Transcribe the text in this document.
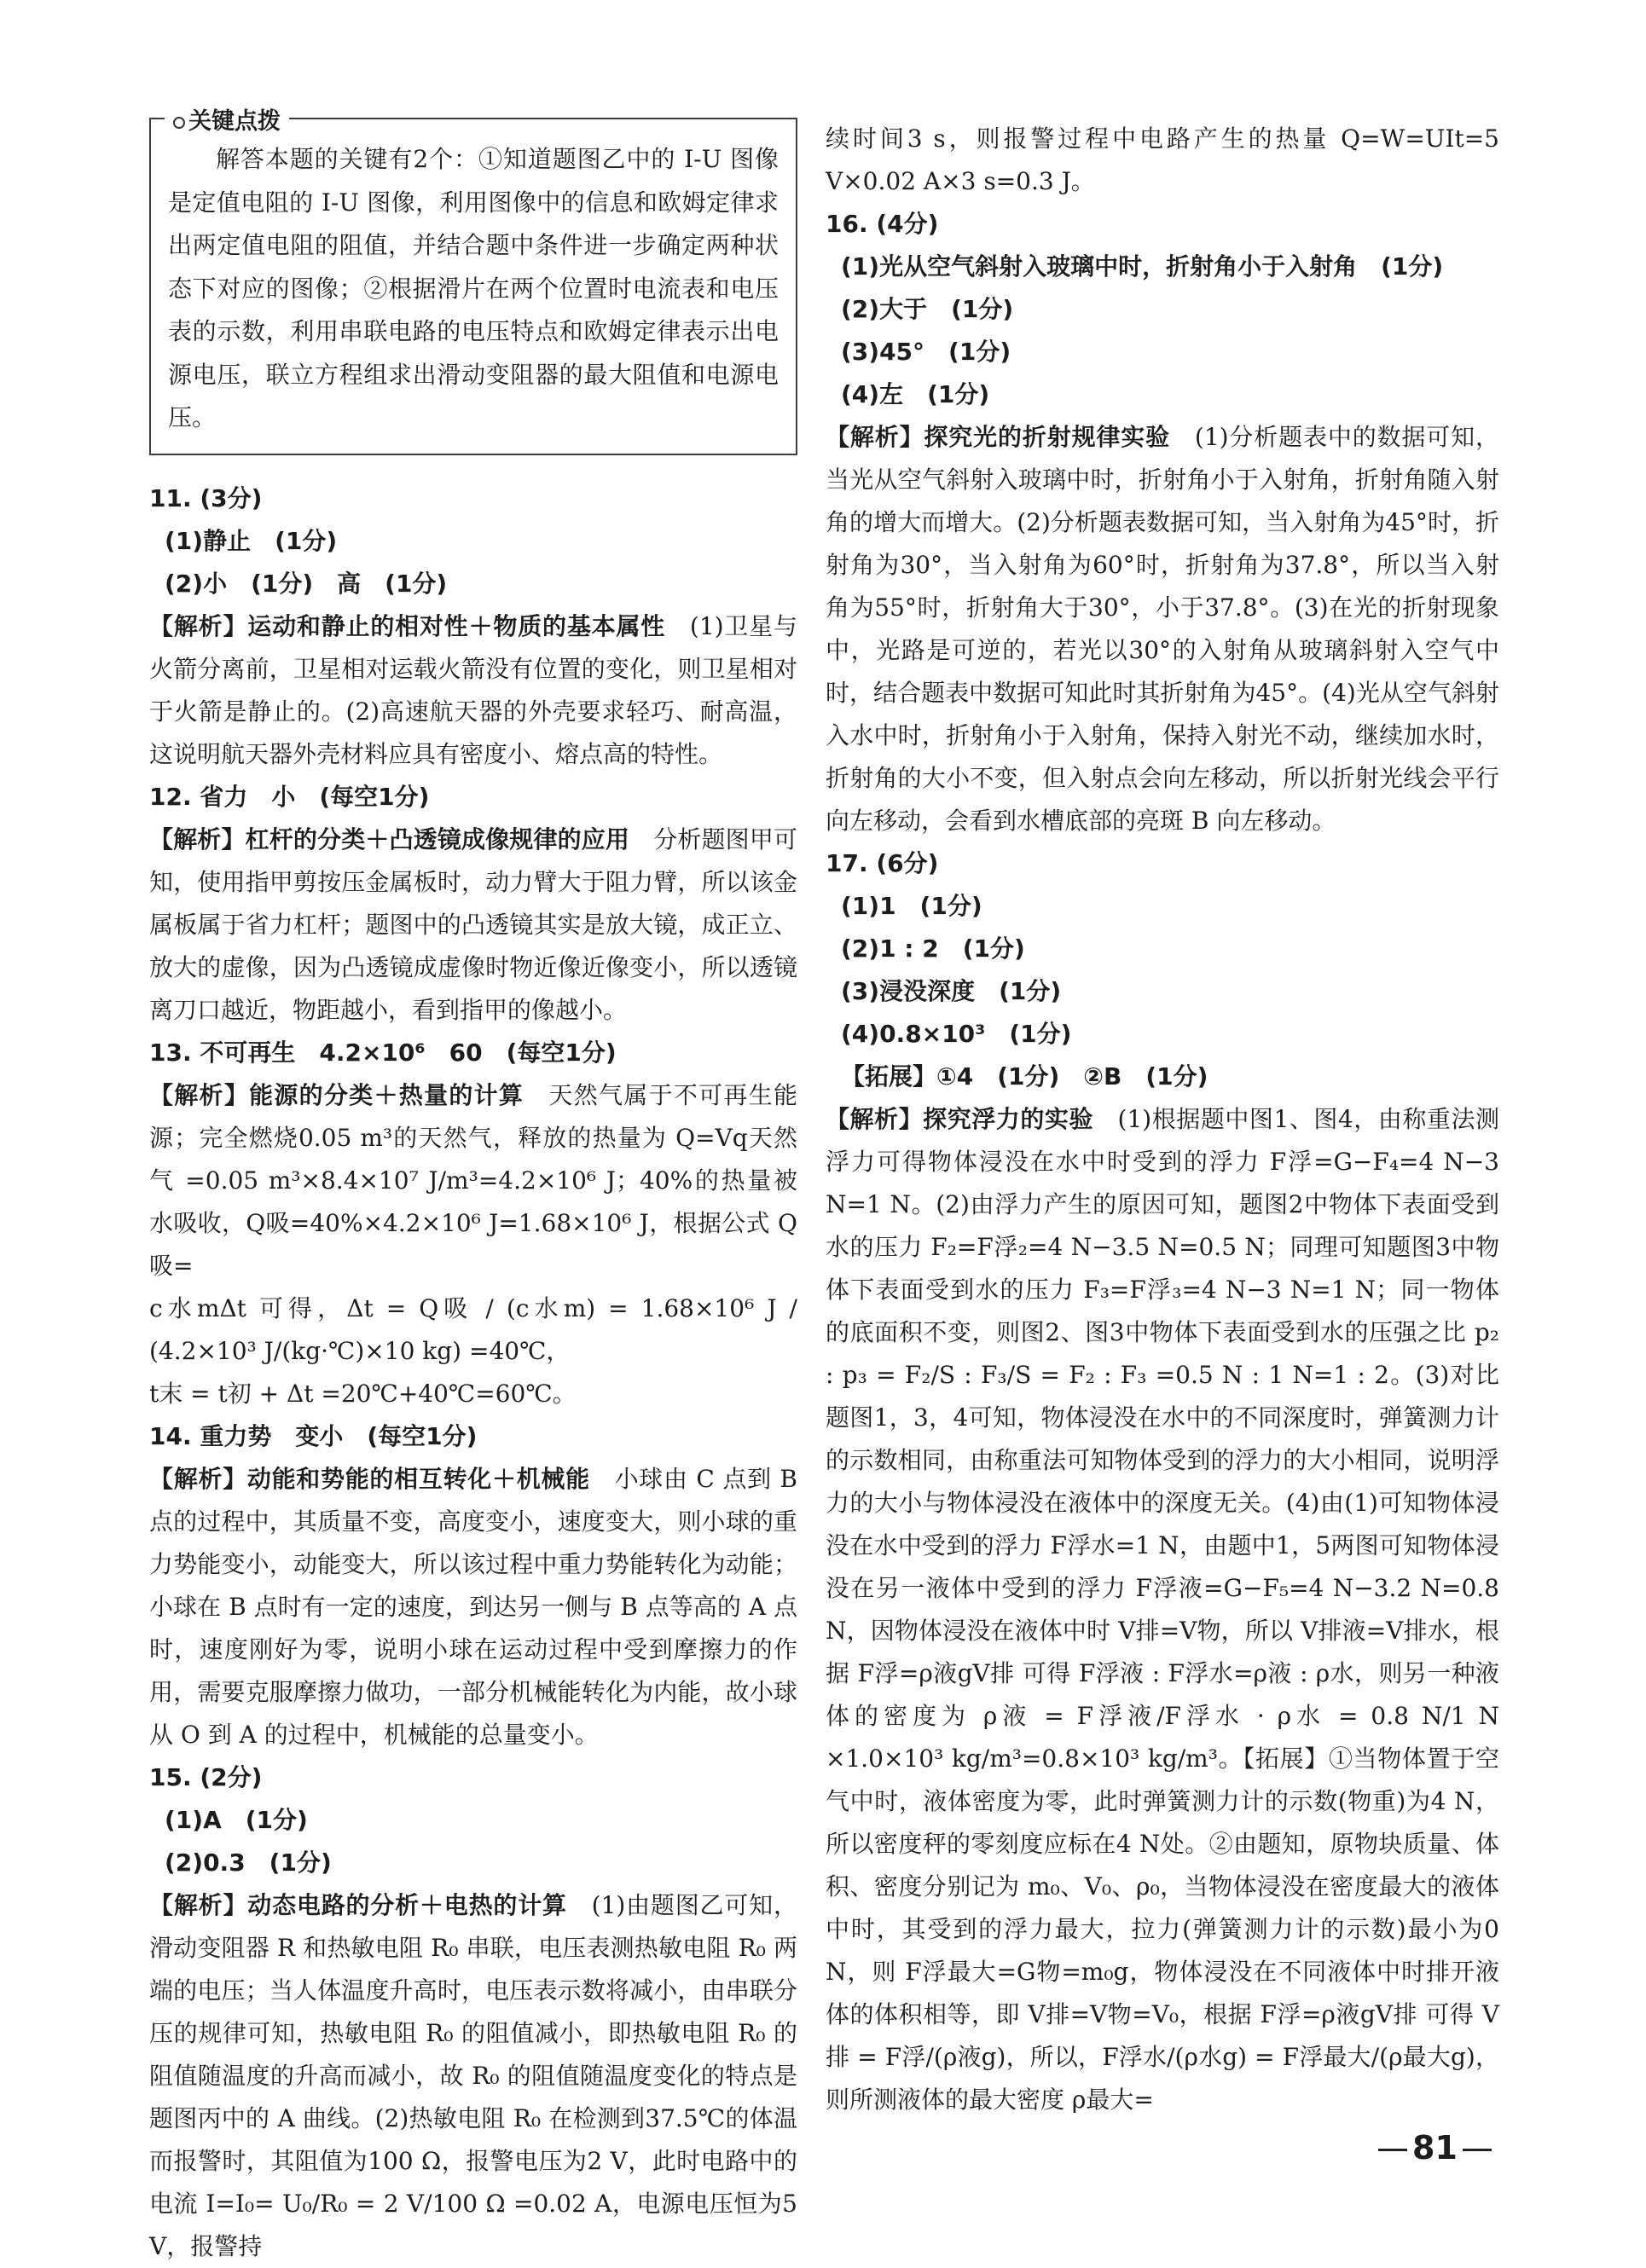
关键点拨

解答本题的关键有2个：①知道题图乙中的 I-U 图像是定值电阻的 I-U 图像，利用图像中的信息和欧姆定律求出两定值电阻的阻值，并结合题中条件进一步确定两种状态下对应的图像；②根据滑片在两个位置时电流表和电压表的示数，利用串联电路的电压特点和欧姆定律表示出电源电压，联立方程组求出滑动变阻器的最大阻值和电源电压。

11. (3分)

(1)静止　(1分)

(2)小　(1分)　高　(1分)

【解析】运动和静止的相对性＋物质的基本属性　(1)卫星与火箭分离前，卫星相对运载火箭没有位置的变化，则卫星相对于火箭是静止的。(2)高速航天器的外壳要求轻巧、耐高温，这说明航天器外壳材料应具有密度小、熔点高的特性。

12. 省力　小　(每空1分)

【解析】杠杆的分类＋凸透镜成像规律的应用　分析题图甲可知，使用指甲剪按压金属板时，动力臂大于阻力臂，所以该金属板属于省力杠杆；题图中的凸透镜其实是放大镜，成正立、放大的虚像，因为凸透镜成虚像时物近像近像变小，所以透镜离刀口越近，物距越小，看到指甲的像越小。

13. 不可再生　4.2×10⁶　60　(每空1分)

【解析】能源的分类＋热量的计算　天然气属于不可再生能源；完全燃烧0.05 m³的天然气，释放的热量为 Q=Vq天然气 =0.05 m³×8.4×10⁷ J/m³=4.2×10⁶ J；40%的热量被水吸收，Q吸=40%×4.2×10⁶ J=1.68×10⁶ J，根据公式 Q吸=

c水mΔt 可得，Δt = Q吸 / (c水m) = 1.68×10⁶ J / (4.2×10³ J/(kg·℃)×10 kg) =40℃，

t末 = t初 + Δt =20℃+40℃=60℃。

14. 重力势　变小　(每空1分)

【解析】动能和势能的相互转化＋机械能　小球由 C 点到 B 点的过程中，其质量不变，高度变小，速度变大，则小球的重力势能变小，动能变大，所以该过程中重力势能转化为动能；小球在 B 点时有一定的速度，到达另一侧与 B 点等高的 A 点时，速度刚好为零，说明小球在运动过程中受到摩擦力的作用，需要克服摩擦力做功，一部分机械能转化为内能，故小球从 O 到 A 的过程中，机械能的总量变小。

15. (2分)

(1)A　(1分)

(2)0.3　(1分)

【解析】动态电路的分析＋电热的计算　(1)由题图乙可知，滑动变阻器 R 和热敏电阻 R₀ 串联，电压表测热敏电阻 R₀ 两端的电压；当人体温度升高时，电压表示数将减小，由串联分压的规律可知，热敏电阻 R₀ 的阻值减小，即热敏电阻 R₀ 的阻值随温度的升高而减小，故 R₀ 的阻值随温度变化的特点是题图丙中的 A 曲线。(2)热敏电阻 R₀ 在检测到37.5℃的体温而报警时，其阻值为100 Ω，报警电压为2 V，此时电路中的电流 I=I₀= U₀/R₀ = 2 V/100 Ω =0.02 A，电源电压恒为5 V，报警持

续时间3 s，则报警过程中电路产生的热量 Q=W=UIt=5 V×0.02 A×3 s=0.3 J。

16. (4分)

(1)光从空气斜射入玻璃中时，折射角小于入射角　(1分)

(2)大于　(1分)

(3)45°　(1分)

(4)左　(1分)

【解析】探究光的折射规律实验　(1)分析题表中的数据可知，当光从空气斜射入玻璃中时，折射角小于入射角，折射角随入射角的增大而增大。(2)分析题表数据可知，当入射角为45°时，折射角为30°，当入射角为60°时，折射角为37.8°，所以当入射角为55°时，折射角大于30°，小于37.8°。(3)在光的折射现象中，光路是可逆的，若光以30°的入射角从玻璃斜射入空气中时，结合题表中数据可知此时其折射角为45°。(4)光从空气斜射入水中时，折射角小于入射角，保持入射光不动，继续加水时，折射角的大小不变，但入射点会向左移动，所以折射光线会平行向左移动，会看到水槽底部的亮斑 B 向左移动。

17. (6分)

(1)1　(1分)

(2)1 : 2　(1分)

(3)浸没深度　(1分)

(4)0.8×10³　(1分)

【拓展】①4　(1分)　②B　(1分)

【解析】探究浮力的实验　(1)根据题中图1、图4，由称重法测浮力可得物体浸没在水中时受到的浮力 F浮=G−F₄=4 N−3 N=1 N。(2)由浮力产生的原因可知，题图2中物体下表面受到水的压力 F₂=F浮₂=4 N−3.5 N=0.5 N；同理可知题图3中物体下表面受到水的压力 F₃=F浮₃=4 N−3 N=1 N；同一物体的底面积不变，则图2、图3中物体下表面受到水的压强之比 p₂ : p₃ = F₂/S : F₃/S = F₂ : F₃ =0.5 N : 1 N=1 : 2。(3)对比题图1，3，4可知，物体浸没在水中的不同深度时，弹簧测力计的示数相同，由称重法可知物体受到的浮力的大小相同，说明浮力的大小与物体浸没在液体中的深度无关。(4)由(1)可知物体浸没在水中受到的浮力 F浮水=1 N，由题中1，5两图可知物体浸没在另一液体中受到的浮力 F浮液=G−F₅=4 N−3.2 N=0.8 N，因物体浸没在液体中时 V排=V物，所以 V排液=V排水，根据 F浮=ρ液gV排 可得 F浮液 : F浮水=ρ液 : ρ水，则另一种液体的密度为 ρ液 = F浮液/F浮水 · ρ水 = 0.8 N/1 N ×1.0×10³ kg/m³=0.8×10³ kg/m³。【拓展】①当物体置于空气中时，液体密度为零，此时弹簧测力计的示数(物重)为4 N，所以密度秤的零刻度应标在4 N处。②由题知，原物块质量、体积、密度分别记为 m₀、V₀、ρ₀，当物体浸没在密度最大的液体中时，其受到的浮力最大，拉力(弹簧测力计的示数)最小为0 N，则 F浮最大=G物=m₀g，物体浸没在不同液体中时排开液体的体积相等，即 V排=V物=V₀，根据 F浮=ρ液gV排 可得 V排 = F浮/(ρ液g)，所以，F浮水/(ρ水g) = F浮最大/(ρ最大g)，则所测液体的最大密度 ρ最大=

81
